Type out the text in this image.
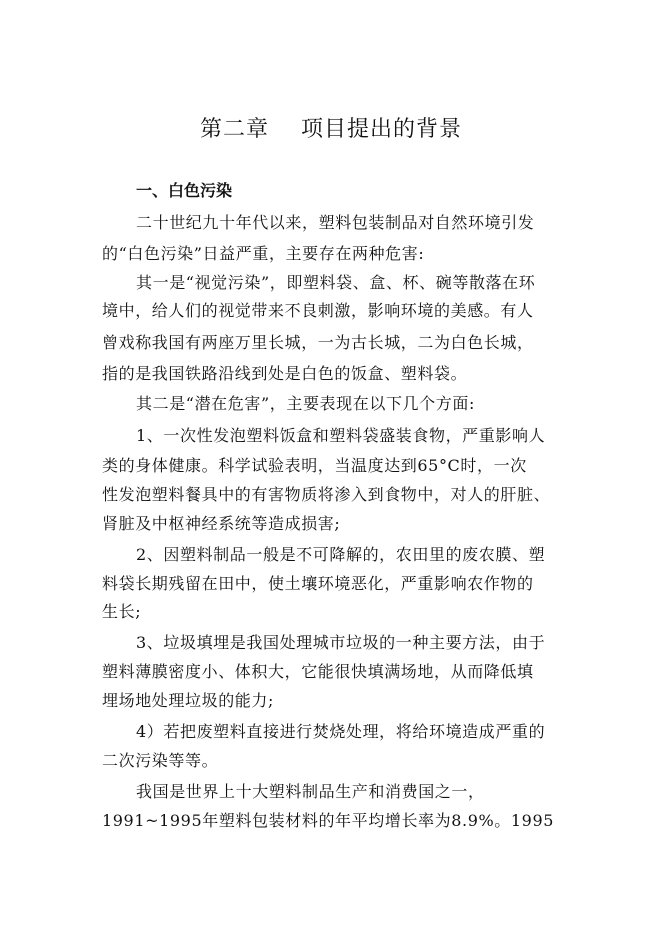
第二章    项目提出的背景
一、白色污染
二十世纪九十年代以来，塑料包装制品对自然环境引发
的“白色污染”日益严重，主要存在两种危害:
其一是“视觉污染”，即塑料袋、盒、杯、碗等散落在环
境中，给人们的视觉带来不良刺激，影响环境的美感。有人
曾戏称我国有两座万里长城，一为古长城，二为白色长城，
指的是我国铁路沿线到处是白色的饭盒、塑料袋。
其二是“潜在危害”，主要表现在以下几个方面:
1、一次性发泡塑料饭盒和塑料袋盛装食物，严重影响人
类的身体健康。科学试验表明，当温度达到65°C时，一次
性发泡塑料餐具中的有害物质将渗入到食物中，对人的肝脏、
肾脏及中枢神经系统等造成损害;
2、因塑料制品一般是不可降解的，农田里的废农膜、塑
料袋长期残留在田中，使土壤环境恶化，严重影响农作物的
生长;
3、垃圾填埋是我国处理城市垃圾的一种主要方法，由于
塑料薄膜密度小、体积大，它能很快填满场地，从而降低填
埋场地处理垃圾的能力;
4）若把废塑料直接进行焚烧处理，将给环境造成严重的
二次污染等等。
我国是世界上十大塑料制品生产和消费国之一，
1991~1995年塑料包装材料的年平均增长率为8.9%。1995
